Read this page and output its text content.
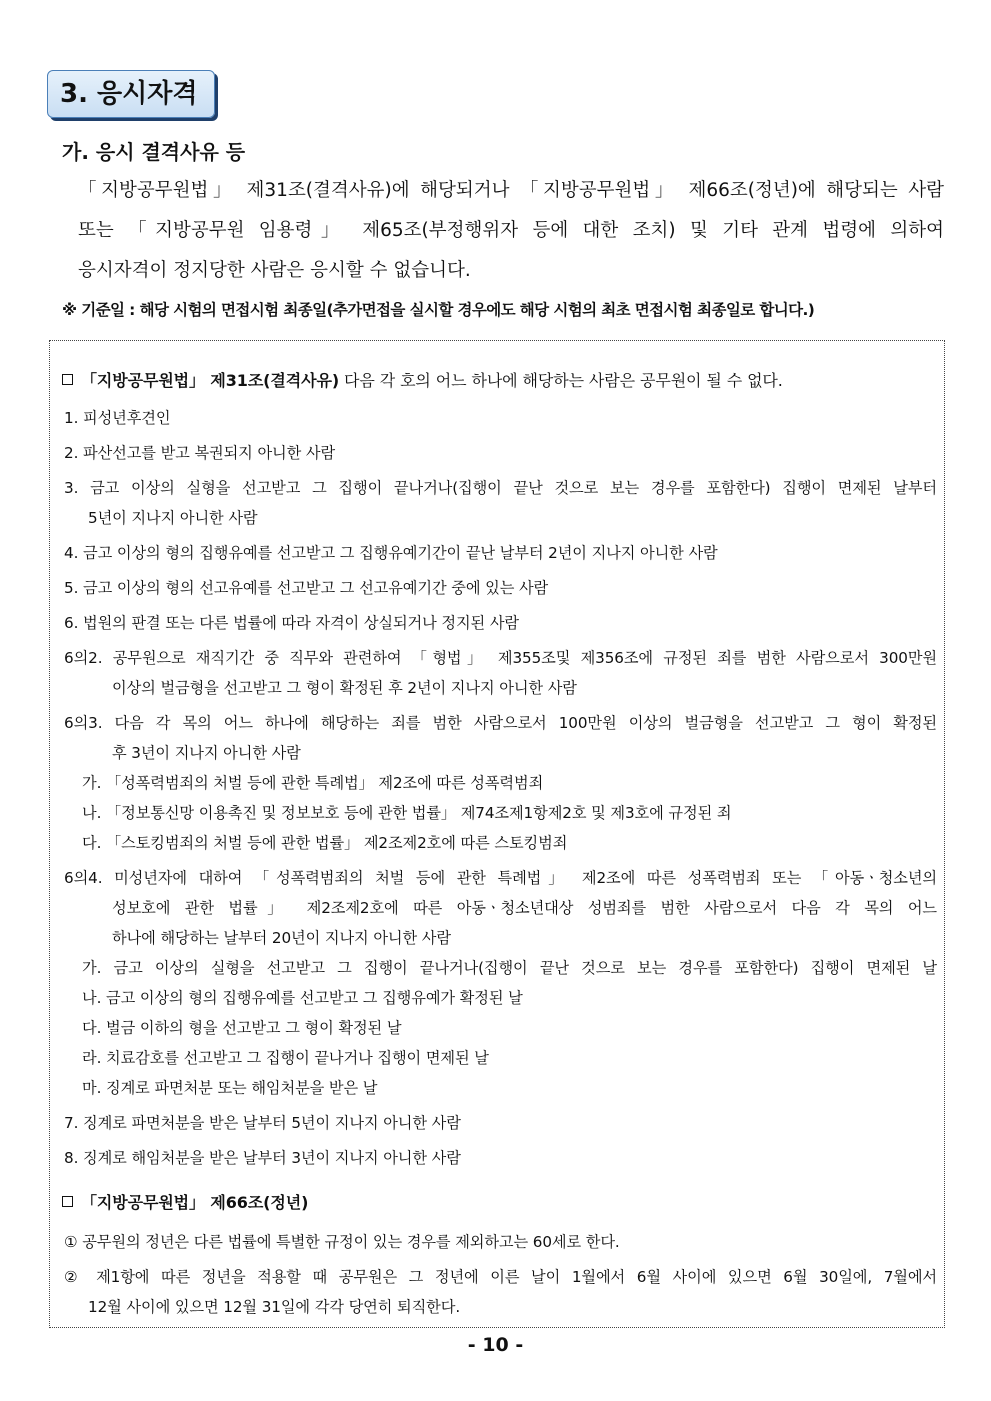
3. 응시자격
가. 응시 결격사유 등
「지방공무원법」 제31조(결격사유)에 해당되거나 「지방공무원법」 제66조(정년)에 해당되는 사람
또는 「지방공무원 임용령」 제65조(부정행위자 등에 대한 조치) 및 기타 관계 법령에 의하여
응시자격이 정지당한 사람은 응시할 수 없습니다.
※ 기준일 : 해당 시험의 면접시험 최종일(추가면접을 실시할 경우에도 해당 시험의 최초 면접시험 최종일로 합니다.)
「지방공무원법」 제31조(결격사유) 다음 각 호의 어느 하나에 해당하는 사람은 공무원이 될 수 없다.
1. 피성년후견인
2. 파산선고를 받고 복권되지 아니한 사람
3. 금고 이상의 실형을 선고받고 그 집행이 끝나거나(집행이 끝난 것으로 보는 경우를 포함한다) 집행이 면제된 날부터
5년이 지나지 아니한 사람
4. 금고 이상의 형의 집행유예를 선고받고 그 집행유예기간이 끝난 날부터 2년이 지나지 아니한 사람
5. 금고 이상의 형의 선고유예를 선고받고 그 선고유예기간 중에 있는 사람
6. 법원의 판결 또는 다른 법률에 따라 자격이 상실되거나 정지된 사람
6의2. 공무원으로 재직기간 중 직무와 관련하여 「형법」 제355조및 제356조에 규정된 죄를 범한 사람으로서 300만원
이상의 벌금형을 선고받고 그 형이 확정된 후 2년이 지나지 아니한 사람
6의3. 다음 각 목의 어느 하나에 해당하는 죄를 범한 사람으로서 100만원 이상의 벌금형을 선고받고 그 형이 확정된
후 3년이 지나지 아니한 사람
가. 「성폭력범죄의 처벌 등에 관한 특례법」 제2조에 따른 성폭력범죄
나. 「정보통신망 이용촉진 및 정보보호 등에 관한 법률」 제74조제1항제2호 및 제3호에 규정된 죄
다. 「스토킹범죄의 처벌 등에 관한 법률」 제2조제2호에 따른 스토킹범죄
6의4. 미성년자에 대하여 「성폭력범죄의 처벌 등에 관한 특례법」 제2조에 따른 성폭력범죄 또는 「아동ㆍ청소년의
성보호에 관한 법률」 제2조제2호에 따른 아동ㆍ청소년대상 성범죄를 범한 사람으로서 다음 각 목의 어느
하나에 해당하는 날부터 20년이 지나지 아니한 사람
가. 금고 이상의 실형을 선고받고 그 집행이 끝나거나(집행이 끝난 것으로 보는 경우를 포함한다) 집행이 면제된 날
나. 금고 이상의 형의 집행유예를 선고받고 그 집행유예가 확정된 날
다. 벌금 이하의 형을 선고받고 그 형이 확정된 날
라. 치료감호를 선고받고 그 집행이 끝나거나 집행이 면제된 날
마. 징계로 파면처분 또는 해임처분을 받은 날
7. 징계로 파면처분을 받은 날부터 5년이 지나지 아니한 사람
8. 징계로 해임처분을 받은 날부터 3년이 지나지 아니한 사람
「지방공무원법」 제66조(정년)
① 공무원의 정년은 다른 법률에 특별한 규정이 있는 경우를 제외하고는 60세로 한다.
② 제1항에 따른 정년을 적용할 때 공무원은 그 정년에 이른 날이 1월에서 6월 사이에 있으면 6월 30일에, 7월에서
12월 사이에 있으면 12월 31일에 각각 당연히 퇴직한다.
- 10 -
